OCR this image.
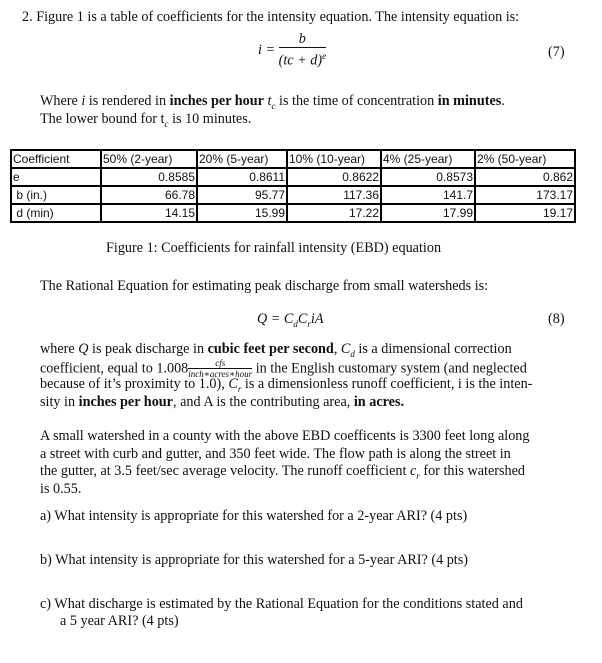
2. Figure 1 is a table of coefficients for the intensity equation. The intensity equation is:
$i = \frac{b}{(tc + d)^e}$	(7)
Where i is rendered in inches per hour $t_c$ is the time of concentration in minutes.
The lower bound for $t_c$ is 10 minutes.
Coefficient	50% (2-year)	20% (5-year)	10% (10-year)	4% (25-year)	2% (50-year)
e	0.8585	0.8611	0.8622	0.8573	0.862
b (in.)	66.78	95.77	117.36	141.7	173.17
d (min)	14.15	15.99	17.22	17.99	19.17
Figure 1: Coefficients for rainfall intensity (EBD) equation
The Rational Equation for estimating peak discharge from small watersheds is:
$Q = C_dC_riA$	(8)
where Q is peak discharge in cubic feet per second, $C_d$ is a dimensional correction
coefficient, equal to 1.008	cfs
inch∗acres∗hour in the English customary system (and neglected
because of it’s proximity to 1.0), $C_r$ is a dimensionless runoff coefficient, i is the inten-
sity in inches per hour, and A is the contributing area, in acres.
A small watershed in a county with the above EBD coefficents is 3300 feet long along
a street with curb and gutter, and 350 feet wide. The flow path is along the street in
the gutter, at 3.5 feet/sec average velocity. The runoff coefficient $c_r$ for this watershed
is 0.55.
a) What intensity is appropriate for this watershed for a 2-year ARI? (4 pts)
b) What intensity is appropriate for this watershed for a 5-year ARI? (4 pts)
c) What discharge is estimated by the Rational Equation for the conditions stated and
a 5 year ARI? (4 pts)
